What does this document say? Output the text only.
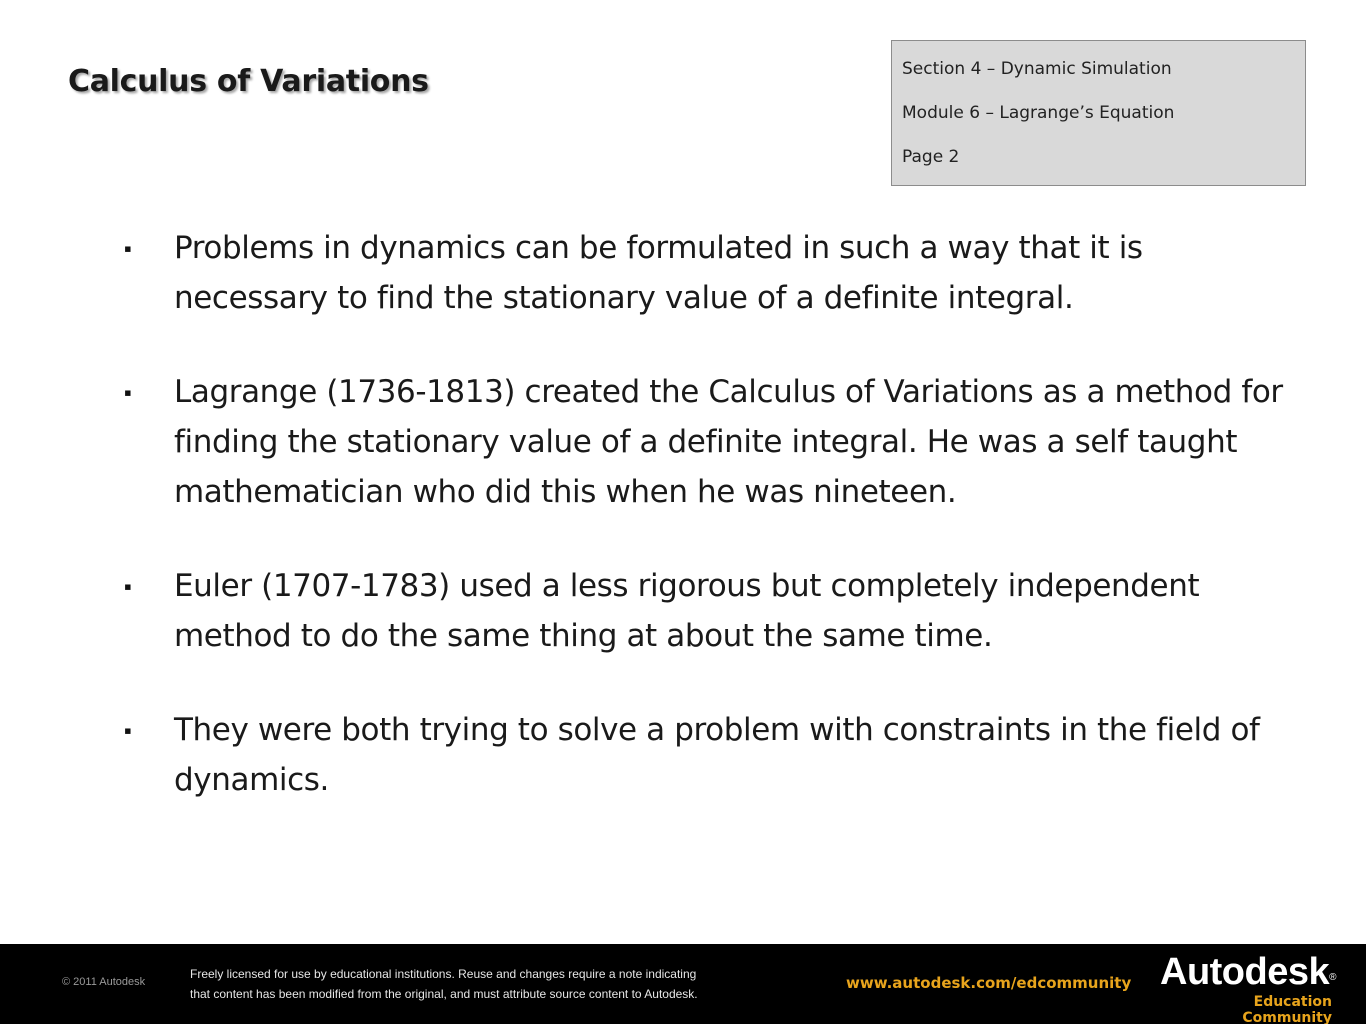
Calculus of Variations	Section 4 – Dynamic Simulation
Module 6 – Lagrange’s Equation
Page 2
▪	Problems in dynamics can be formulated in such a way that it is necessary to find the stationary value of a definite integral.
▪	Lagrange (1736-1813) created the Calculus of Variations as a method for finding the stationary value of a definite integral. He was a self taught mathematician who did this when he was nineteen.
▪	Euler (1707-1783) used a less rigorous but completely independent method to do the same thing at about the same time.
▪	They were both trying to solve a problem with constraints in the field of dynamics.
© 2011 Autodesk
Freely licensed for use by educational institutions. Reuse and changes require a note indicating
that content has been modified from the original, and must attribute source content to Autodesk.
www.autodesk.com/edcommunity Autodesk®
Education Community
